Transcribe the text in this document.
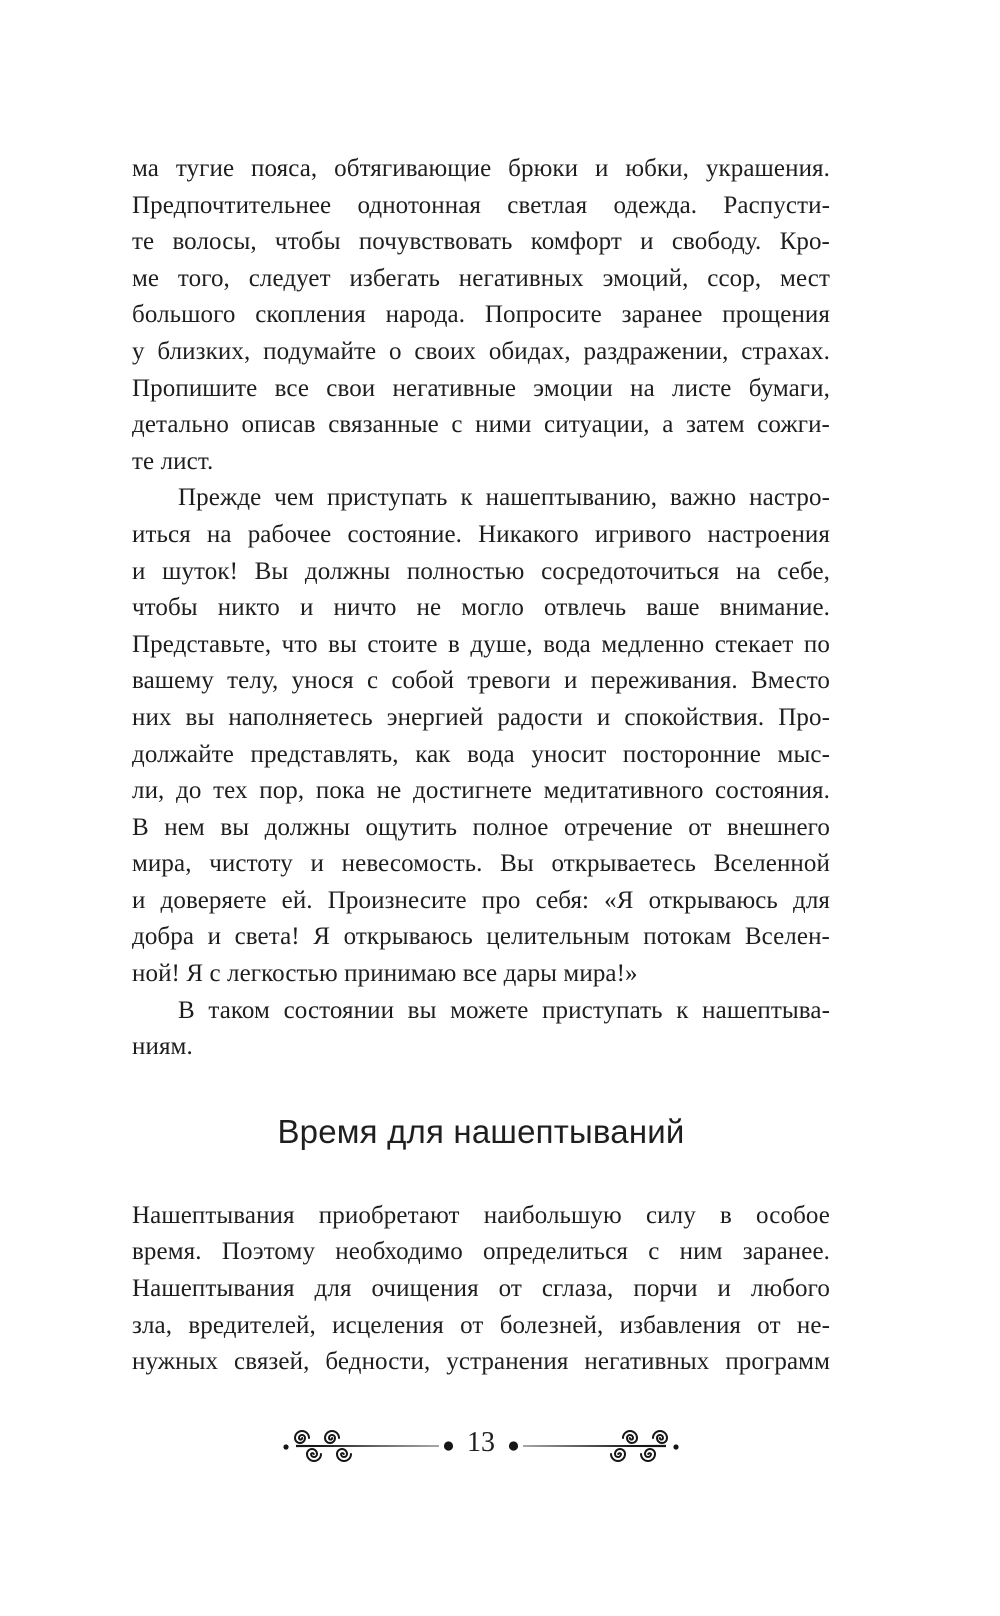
ма тугие пояса, обтягивающие брюки и юбки, украшения.
Предпочтительнее однотонная светлая одежда. Распусти-
те волосы, чтобы почувствовать комфорт и свободу. Кро-
ме того, следует избегать негативных эмоций, ссор, мест
большого скопления народа. Попросите заранее прощения
у близких, подумайте о своих обидах, раздражении, страхах.
Пропишите все свои негативные эмоции на листе бумаги,
детально описав связанные с ними ситуации, а затем сожги-
те лист.
Прежде чем приступать к нашептыванию, важно настро-
иться на рабочее состояние. Никакого игривого настроения
и шуток! Вы должны полностью сосредоточиться на себе,
чтобы никто и ничто не могло отвлечь ваше внимание.
Представьте, что вы стоите в душе, вода медленно стекает по
вашему телу, унося с собой тревоги и переживания. Вместо
них вы наполняетесь энергией радости и спокойствия. Про-
должайте представлять, как вода уносит посторонние мыс-
ли, до тех пор, пока не достигнете медитативного состояния.
В нем вы должны ощутить полное отречение от внешнего
мира, чистоту и невесомость. Вы открываетесь Вселенной
и доверяете ей. Произнесите про себя: «Я открываюсь для
добра и света! Я открываюсь целительным потокам Вселен-
ной! Я с легкостью принимаю все дары мира!»
В таком состоянии вы можете приступать к нашептыва-
ниям.
Время для нашептываний
Нашептывания приобретают наибольшую силу в особое
время. Поэтому необходимо определиться с ним заранее.
Нашептывания для очищения от сглаза, порчи и любого
зла, вредителей, исцеления от болезней, избавления от не-
нужных связей, бедности, устранения негативных программ
13
